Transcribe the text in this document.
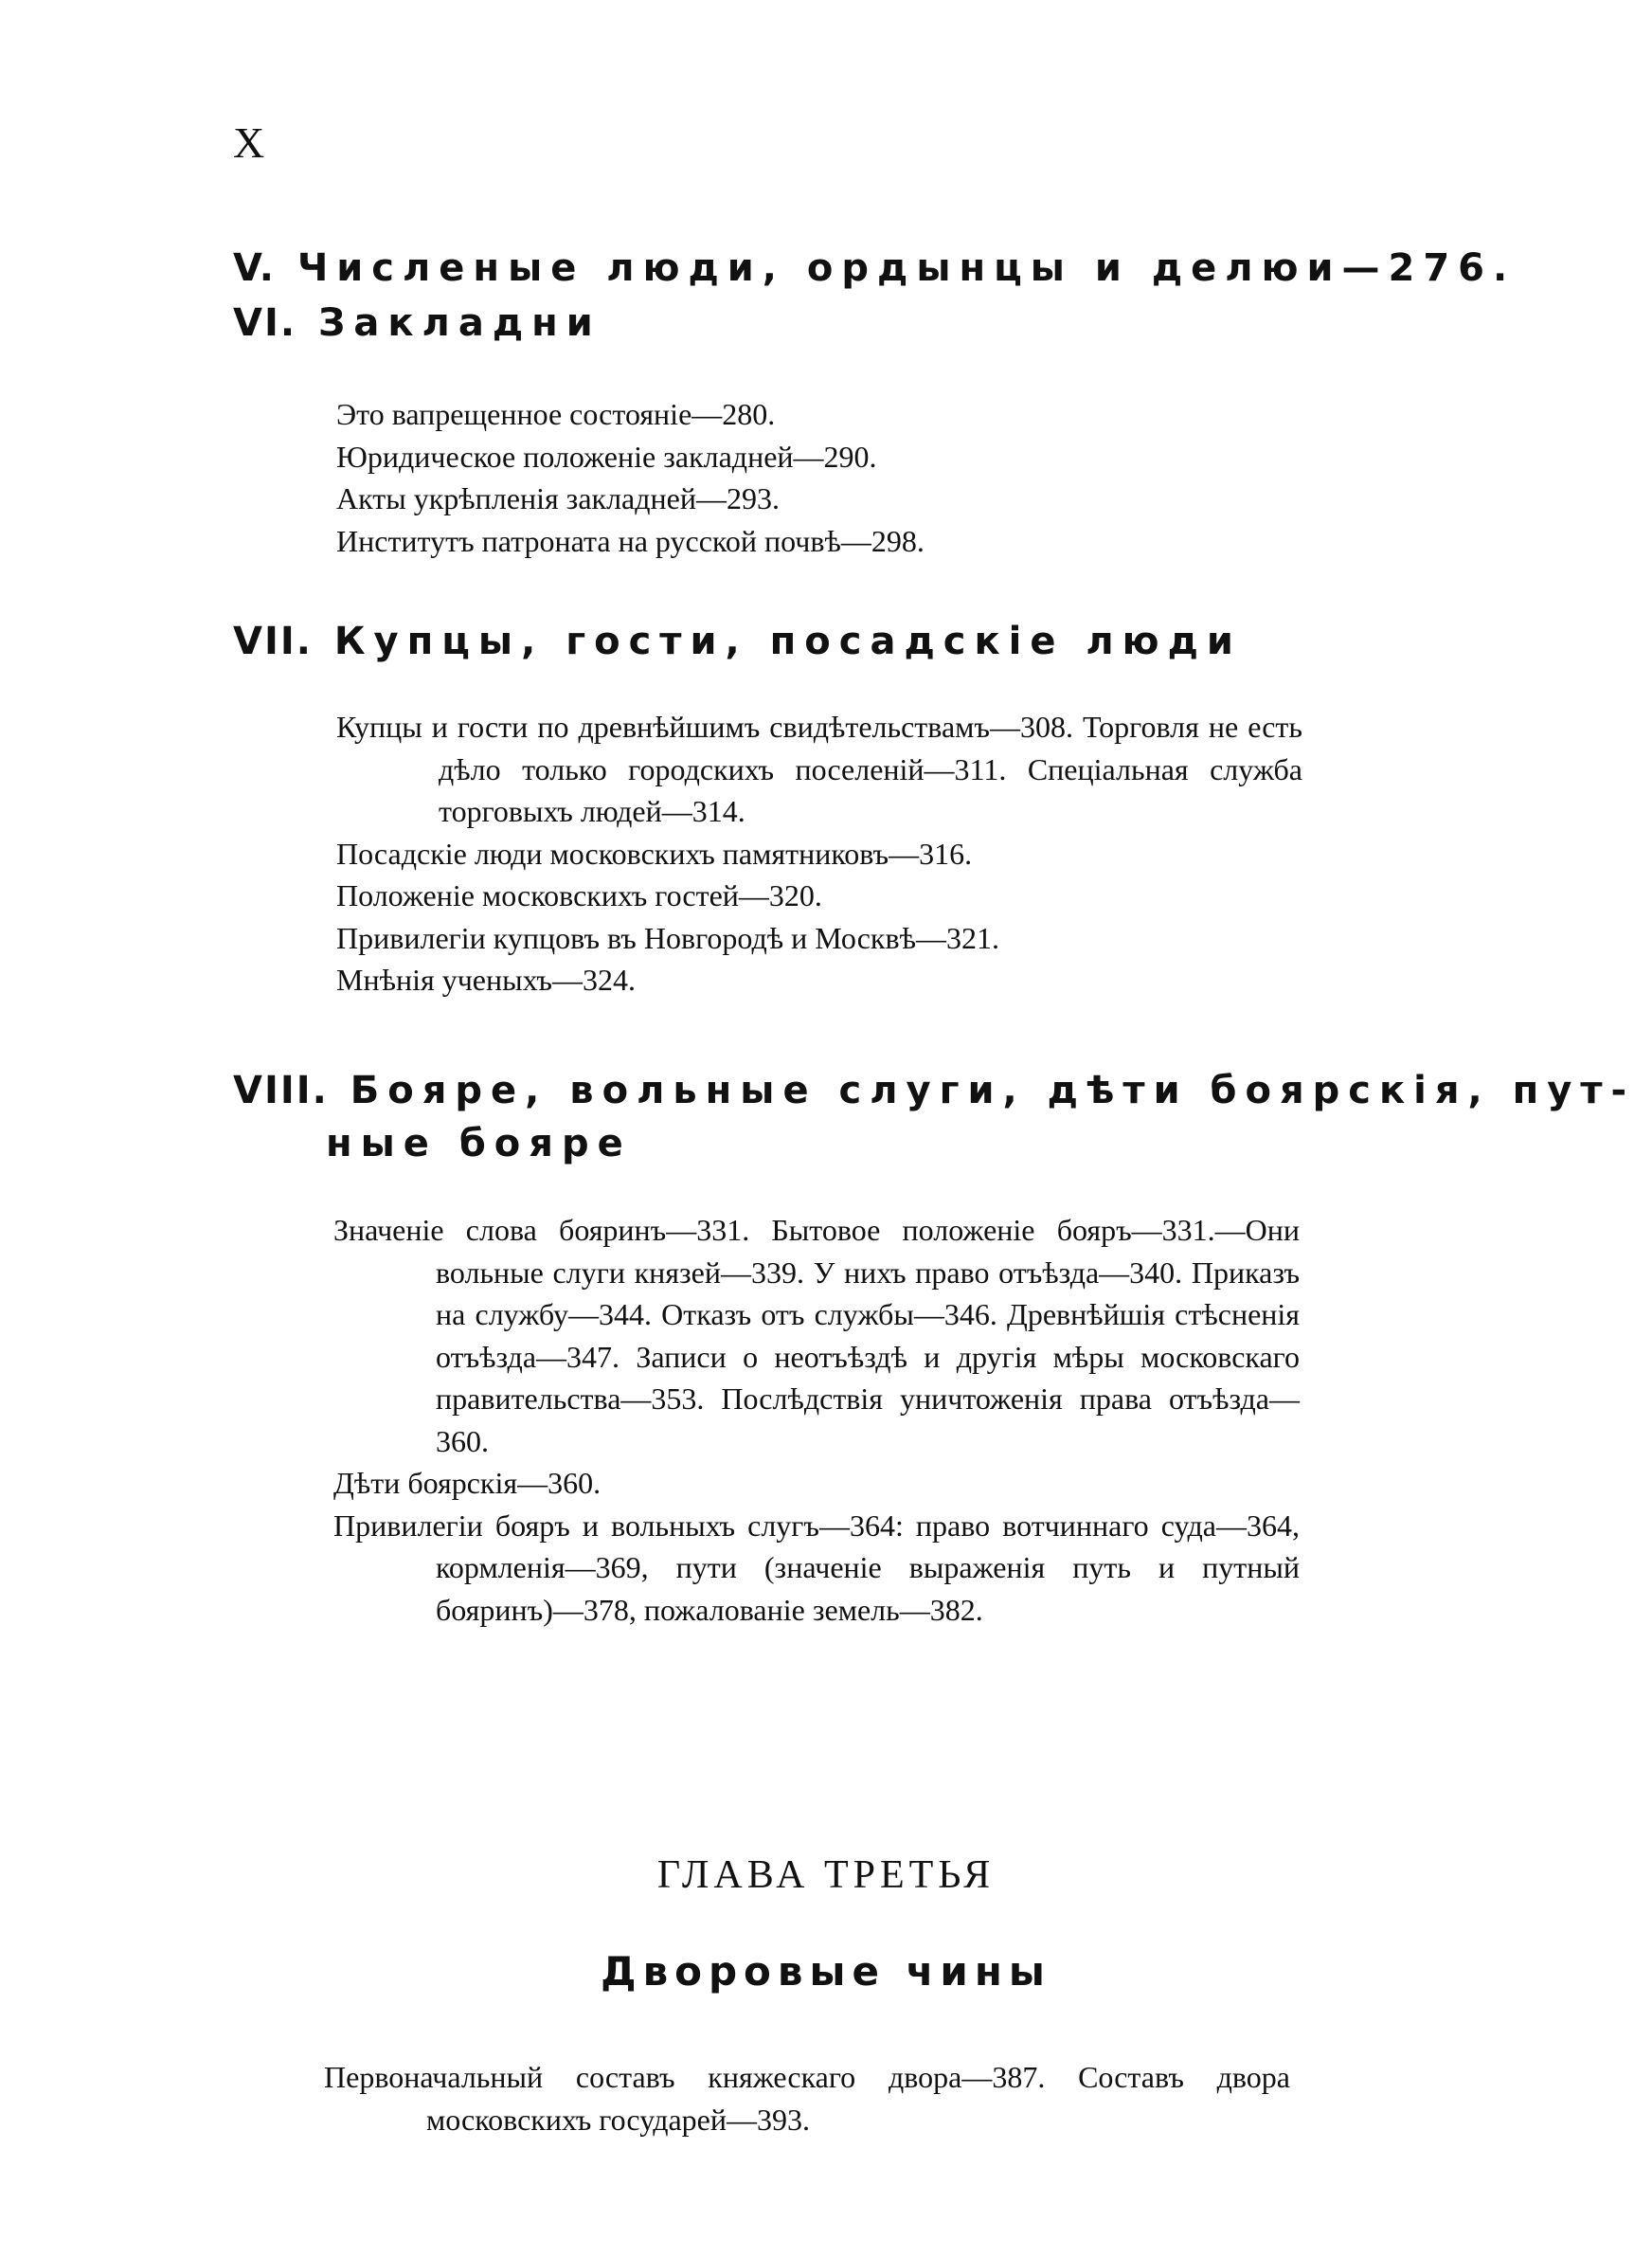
X
V. Численые люди, ордынцы и делюи—276.
VI. Закладни
Это вапрещенное состояніе—280.
Юридическое положеніе закладней—290.
Акты укрѣпленія закладней—293.
Институтъ патроната на русской почвѣ—298.
VII. Купцы, гости, посадскіе люди
Купцы и гости по древнѣйшимъ свидѣтельствамъ—308. Торговля не есть дѣло только городскихъ поселеній—311. Спеціальная служба торговыхъ людей—314.
Посадскіе люди московскихъ памятниковъ—316.
Положеніе московскихъ гостей—320.
Привилегіи купцовъ въ Новгородѣ и Москвѣ—321.
Мнѣнія ученыхъ—324.
VIII. Бояре, вольные слуги, дѣти боярскія, пут-
ные бояре
Значеніе слова бояринъ—331. Бытовое положеніе бояръ—331.—Они вольные слуги князей—339. У нихъ право отъѣзда—340. Приказъ на службу—344. Отказъ отъ службы—346. Древнѣйшія стѣсненія отъѣзда—347. Записи о неотъѣздѣ и другія мѣры московскаго правительства—353. Послѣдствія уничтоженія права отъѣзда—360.
Дѣти боярскія—360.
Привилегіи бояръ и вольныхъ слугъ—364: право вотчиннаго суда—364, кормленія—369, пути (значеніе выраженія путь и путный бояринъ)—378, пожалованіе земель—382.
ГЛАВА ТРЕТЬЯ
Дворовые чины
Первоначальный составъ княжескаго двора—387. Составъ двора московскихъ государей—393.
